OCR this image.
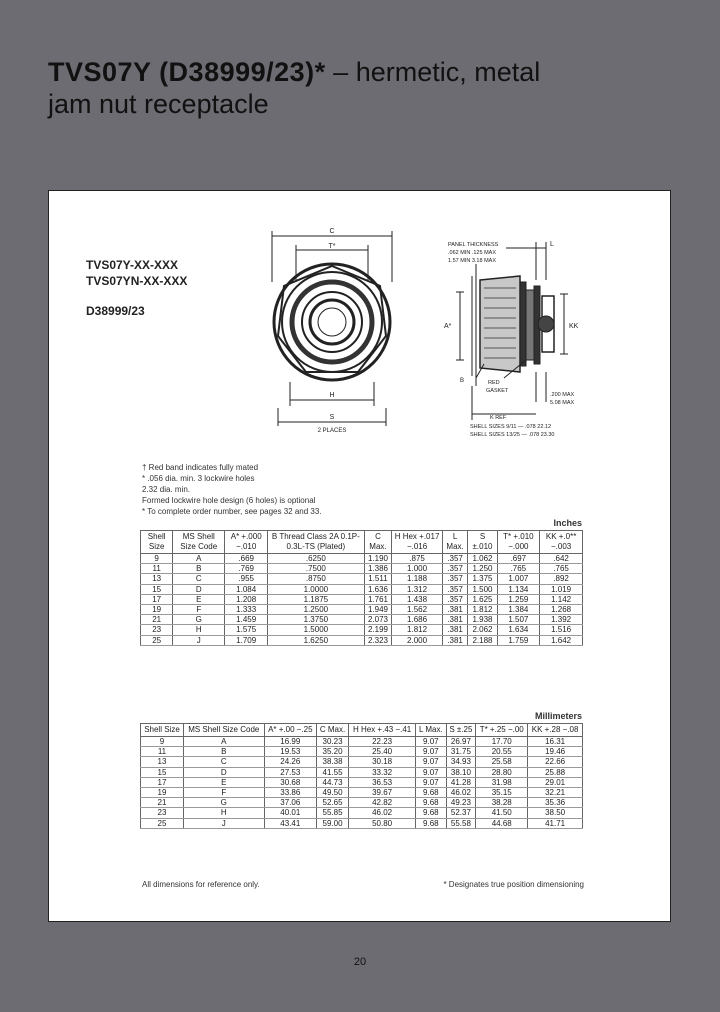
TVS07Y (D38999/23)* – hermetic, metal
jam nut receptacle
TVS07Y-XX-XXX
TVS07YN-XX-XXX
D38999/23
C
T*
H
S
2 PLACES
PANEL THICKNESS
.062 MIN .125 MAX
1.57 MIN 3.18 MAX
L
A*	KK
B	RED
GASKET
.200 MAX
5.08 MAX
K REF
SHELL SIZES 9/11 — .078 22.12
SHELL SIZES 13/25 — .078 23.30
† Red band indicates fully mated
* .056 dia. min. 3 lockwire holes
2.32 dia. min.
Formed lockwire hole design (6 holes) is optional
* To complete order number, see pages 32 and 33.
Inches
Shell Size	MS Shell Size Code	A* +.000 −.010	B Thread Class 2A 0.1P-0.3L-TS (Plated)	C Max.	H Hex +.017 −.016	L Max.	S ±.010	T* +.010 −.000	KK +.0** −.003
9	A	.669	.6250	1.190	.875	.357	1.062	.697	.642
11	B	.769	.7500	1.386	1.000	.357	1.250	.765	.765
13	C	.955	.8750	1.511	1.188	.357	1.375	1.007	.892
15	D	1.084	1.0000	1.636	1.312	.357	1.500	1.134	1.019
17	E	1.208	1.1875	1.761	1.438	.357	1.625	1.259	1.142
19	F	1.333	1.2500	1.949	1.562	.381	1.812	1.384	1.268
21	G	1.459	1.3750	2.073	1.686	.381	1.938	1.507	1.392
23	H	1.575	1.5000	2.199	1.812	.381	2.062	1.634	1.516
25	J	1.709	1.6250	2.323	2.000	.381	2.188	1.759	1.642
Millimeters
Shell Size	MS Shell Size Code	A* +.00 −.25	C Max.	H Hex +.43 −.41	L Max.	S ±.25	T* +.25 −.00	KK +.28 −.08
9	A	16.99	30.23	22.23	9.07	26.97	17.70	16.31
11	B	19.53	35.20	25.40	9.07	31.75	20.55	19.46
13	C	24.26	38.38	30.18	9.07	34.93	25.58	22.66
15	D	27.53	41.55	33.32	9.07	38.10	28.80	25.88
17	E	30.68	44.73	36.53	9.07	41.28	31.98	29.01
19	F	33.86	49.50	39.67	9.68	46.02	35.15	32.21
21	G	37.06	52.65	42.82	9.68	49.23	38.28	35.36
23	H	40.01	55.85	46.02	9.68	52.37	41.50	38.50
25	J	43.41	59.00	50.80	9.68	55.58	44.68	41.71
All dimensions for reference only.	* Designates true position dimensioning
20
